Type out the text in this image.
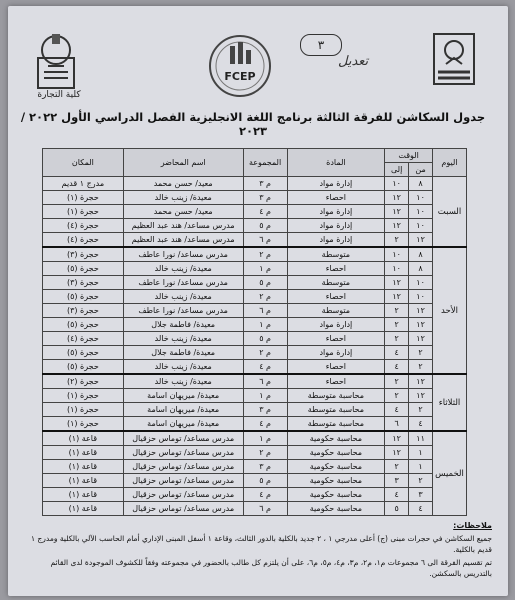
كلية التجارة
FCEP
٣
تعديل
جدول السكاشن للفرقة الثالثة برنامج اللغة الانجليزية الفصل الدراسي الأول ٢٠٢٢ / ٢٠٢٣
اليوم	الوقت		المادة	المجموعة	اسم المحاضر	المكان
	من	إلى				
السبت	٨	١٠	إدارة مواد	م ٣	معيد/ حسن محمد	مدرج ١ قديم
	١٠	١٢	احصاء	م ٣	معيدة/ زينب خالد	حجرة (١)
	١٠	١٢	إدارة مواد	م ٤	معيد/ حسن محمد	حجرة (١)
	١٠	١٢	إدارة مواد	م ٥	مدرس مساعد/ هند عبد العظيم	حجرة (٤)
	١٢	٢	إدارة مواد	م ٦	مدرس مساعد/ هند عبد العظيم	حجرة (٤)
الأحد	٨	١٠	متوسطة	م ٢	مدرس مساعد/ نورا عاطف	حجرة (٣)
	٨	١٠	احصاء	م ١	معيدة/ زينب خالد	حجرة (٥)
	١٠	١٢	متوسطة	م ٥	مدرس مساعد/ نورا عاطف	حجرة (٣)
	١٠	١٢	احصاء	م ٢	معيدة/ زينب خالد	حجرة (٥)
	١٢	٢	متوسطة	م ٦	مدرس مساعد/ نورا عاطف	حجرة (٣)
	١٢	٢	إدارة مواد	م ١	معيدة/ فاطمة جلال	حجرة (٥)
	١٢	٢	احصاء	م ٥	معيدة/ زينب خالد	حجرة (٤)
	٢	٤	إدارة مواد	م ٢	معيدة/ فاطمة جلال	حجرة (٥)
	٢	٤	احصاء	م ٤	معيدة/ زينب خالد	حجرة (٥)
الثلاثاء	١٢	٢	احصاء	م ٦	معيدة/ زينب خالد	حجرة (٢)
	١٢	٢	محاسبة متوسطة	م ١	معيدة/ ميريهان اسامة	حجرة (١)
	٢	٤	محاسبة متوسطة	م ٣	معيدة/ ميريهان اسامة	حجرة (١)
	٤	٦	محاسبة متوسطة	م ٤	معيدة/ ميريهان اسامة	حجرة (١)
الخميس	١١	١٢	محاسبة حكومية	م ١	مدرس مساعد/ توماس حزقيال	قاعة (١)
	١	١٢	محاسبة حكومية	م ٢	مدرس مساعد/ توماس حزقيال	قاعة (١)
	١	٢	محاسبة حكومية	م ٣	مدرس مساعد/ توماس حزقيال	قاعة (١)
	٢	٣	محاسبة حكومية	م ٥	مدرس مساعد/ توماس حزقيال	قاعة (١)
	٣	٤	محاسبة حكومية	م ٤	مدرس مساعد/ توماس حزقيال	قاعة (١)
	٤	٥	محاسبة حكومية	م ٦	مدرس مساعد/ توماس حزقيال	قاعة (١)
ملاحظات:

جميع السكاشن في حجرات مبنى (ج) أعلى مدرجي ١ ، ٢ جديد بالكلية بالدور الثالث، وقاعة ١ أسفل المبنى الإداري أمام الحاسب الآلي بالكلية ومدرج ١ قديم بالكلية.

تم تقسيم الفرقة الى ٦ مجموعات م١، م٢، م٣، م٤، م٥، م٦، على أن يلتزم كل طالب بالحضور في مجموعته وفقاً للكشوف الموجودة لدى القائم بالتدريس بالسكشن.
